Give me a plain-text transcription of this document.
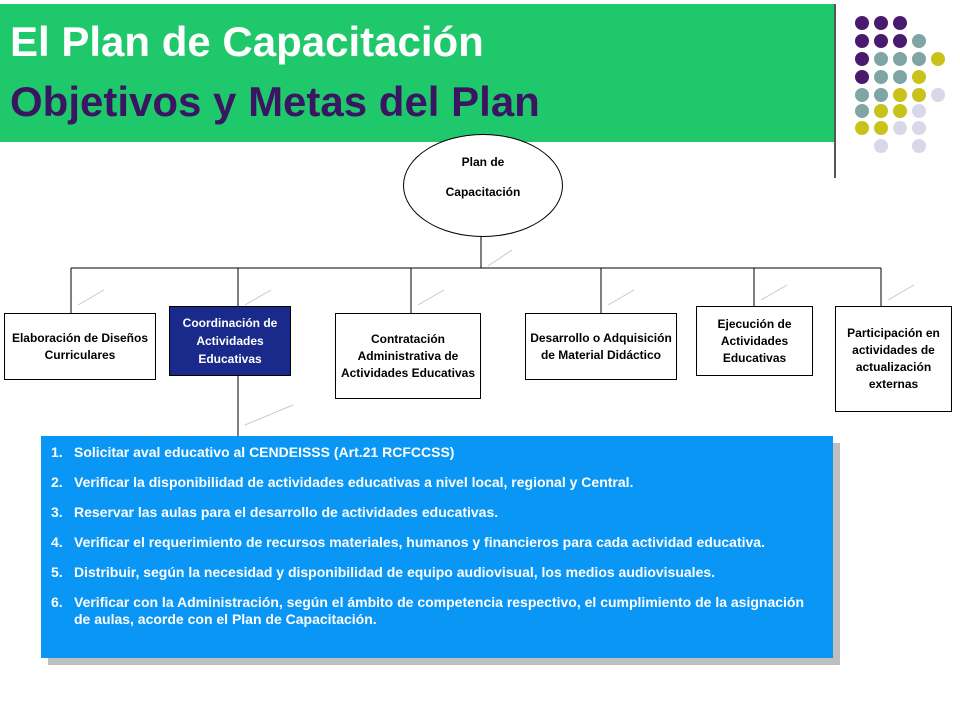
El Plan de Capacitación
Objetivos y Metas del Plan
Plan de
Capacitación
Elaboración de Diseños Curriculares
Coordinación de Actividades Educativas
Contratación Administrativa de Actividades Educativas
Desarrollo o Adquisición de Material Didáctico
Ejecución de Actividades Educativas
Participación en actividades de actualización externas
1. Solicitar aval educativo al CENDEISSS (Art.21 RCFCCSS)
2. Verificar la disponibilidad de actividades educativas a nivel local, regional y Central.
3. Reservar las aulas para el desarrollo de actividades educativas.
4. Verificar el requerimiento de recursos materiales, humanos y financieros para cada actividad educativa.
5. Distribuir, según la necesidad y disponibilidad de equipo audiovisual, los medios audiovisuales.
6. Verificar con la Administración, según el ámbito de competencia respectivo, el cumplimiento de la asignación de aulas, acorde con el Plan de Capacitación.
